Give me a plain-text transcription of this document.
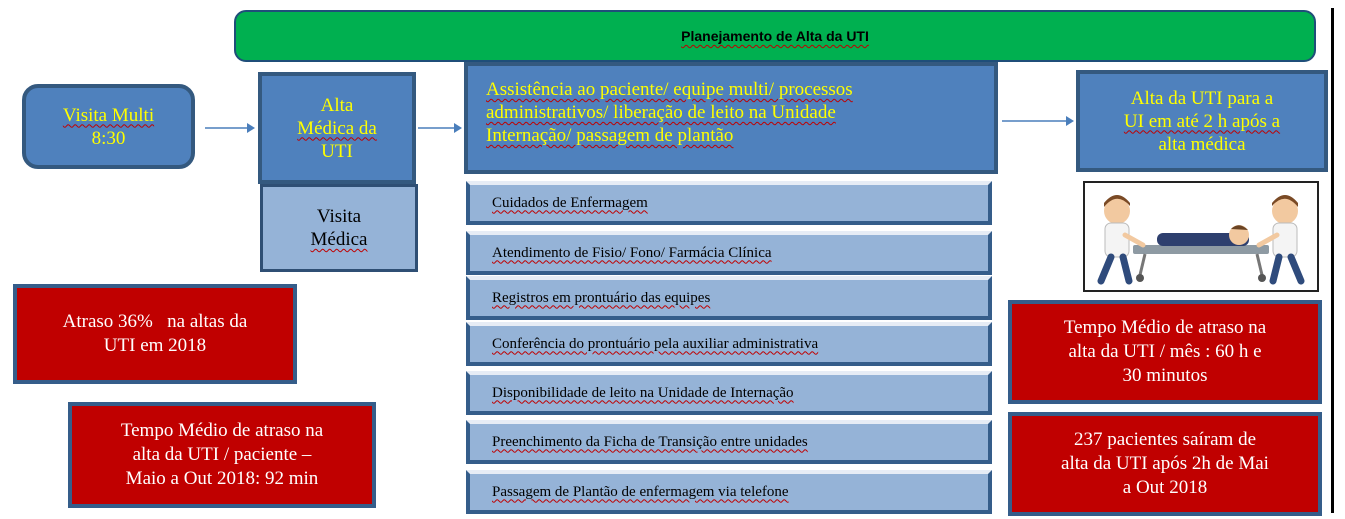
Planejamento de Alta da UTI
Visita Multi
8:30
Alta
Médica da
UTI
Visita
Médica
Assistência ao paciente/ equipe multi/ processos
administrativos/ liberação de leito na Unidade
Internação/ passagem de plantão
Cuidados de Enfermagem
Atendimento de Fisio/ Fono/ Farmácia Clínica
Registros em prontuário das equipes
Conferência do prontuário pela auxiliar administrativa
Disponibilidade de leito na Unidade de Internação
Preenchimento da Ficha de Transição entre unidades
Passagem de Plantão de enfermagem via telefone
Alta da UTI para a
UI em até 2 h após a
alta médica
Atraso 36%   na altas da
UTI em 2018
Tempo Médio de atraso na
alta da UTI / paciente –
Maio a Out 2018: 92 min
Tempo Médio de atraso na
alta da UTI / mês : 60 h e
30 minutos
237 pacientes saíram de
alta da UTI após 2h de Mai
a Out 2018
